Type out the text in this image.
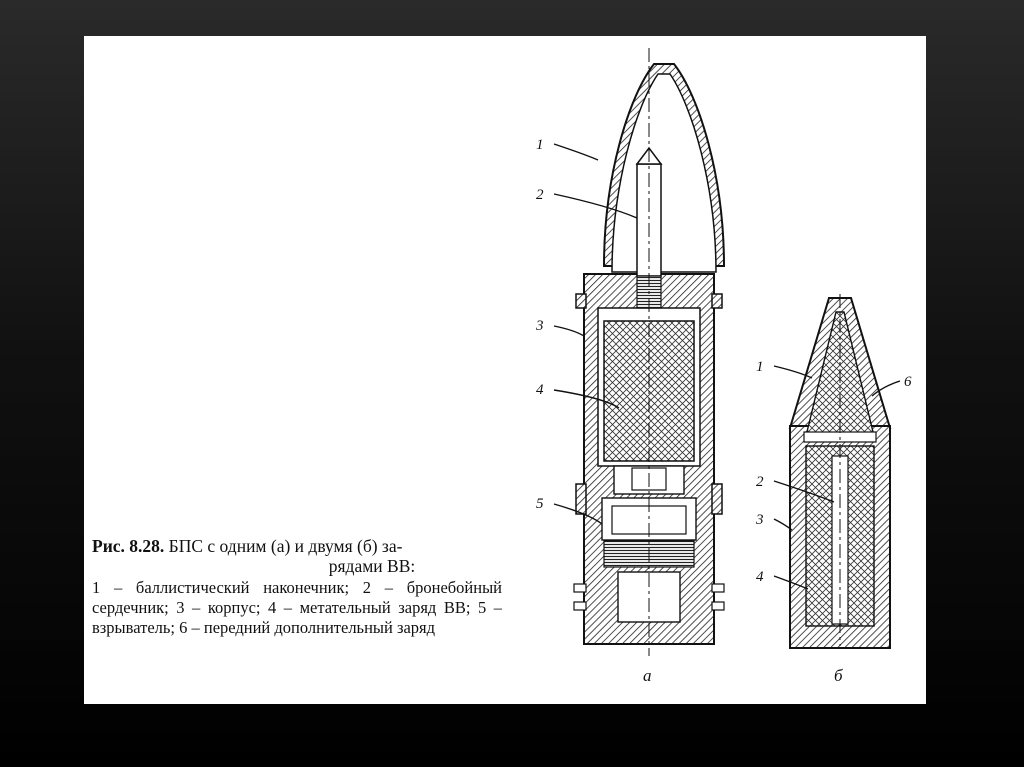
1
2
3
4
5
а
1
6
2
3
4
б
Рис. 8.28. БПС с одним (а) и двумя (б) за-
рядами ВВ:
1 – баллистический наконечник; 2 – бронебойный сердечник; 3 – корпус; 4 – метательный заряд ВВ; 5 – взрыватель; 6 – передний дополнительный заряд
